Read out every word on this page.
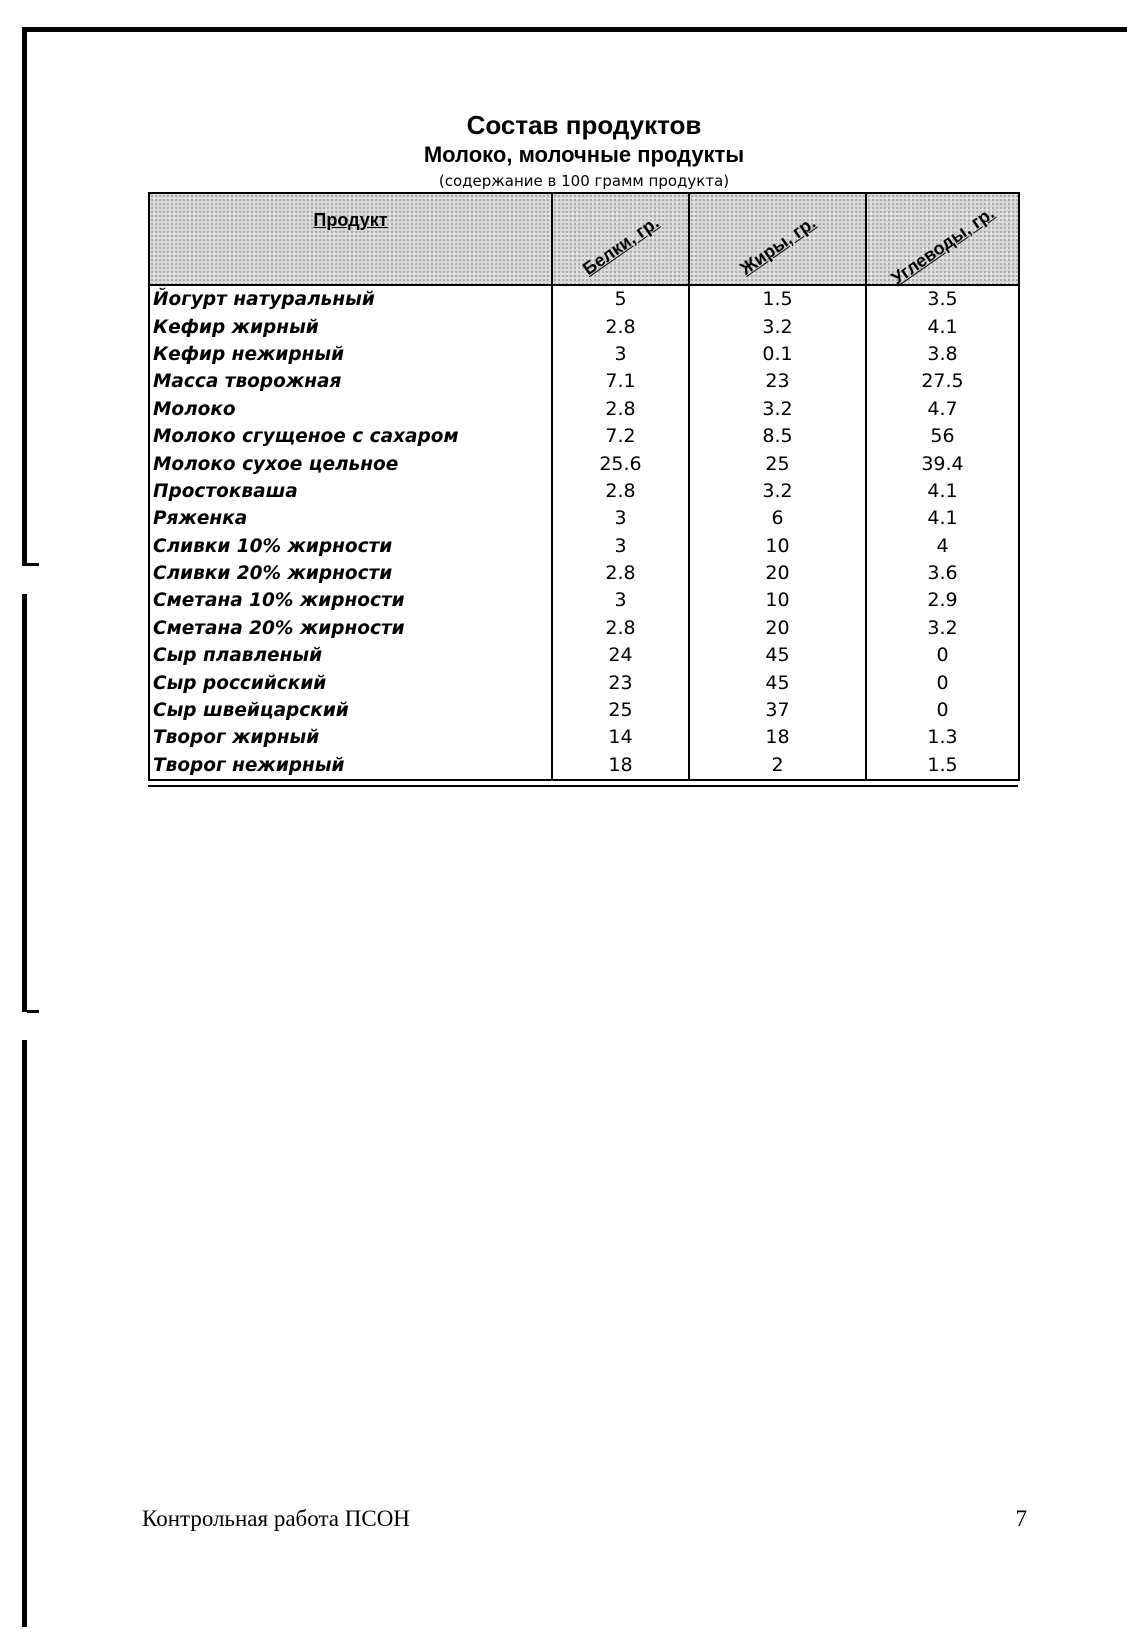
Состав продуктов
Молоко, молочные продукты
(содержание в 100 грамм продукта)
Продукт	Белки, гр.	Жиры, гр.	Углеводы, гр.

Йогурт натуральный	5	1.5	3.5
Кефир жирный	2.8	3.2	4.1
Кефир нежирный	3	0.1	3.8
Масса творожная	7.1	23	27.5
Молоко	2.8	3.2	4.7
Молоко сгущеное с сахаром	7.2	8.5	56
Молоко сухое цельное	25.6	25	39.4
Простокваша	2.8	3.2	4.1
Ряженка	3	6	4.1
Сливки 10% жирности	3	10	4
Сливки 20% жирности	2.8	20	3.6
Сметана 10% жирности	3	10	2.9
Сметана 20% жирности	2.8	20	3.2
Сыр плавленый	24	45	0
Сыр российский	23	45	0
Сыр швейцарский	25	37	0
Творог жирный	14	18	1.3
Творог нежирный	18	2	1.5
Контрольная работа ПСОН	7
